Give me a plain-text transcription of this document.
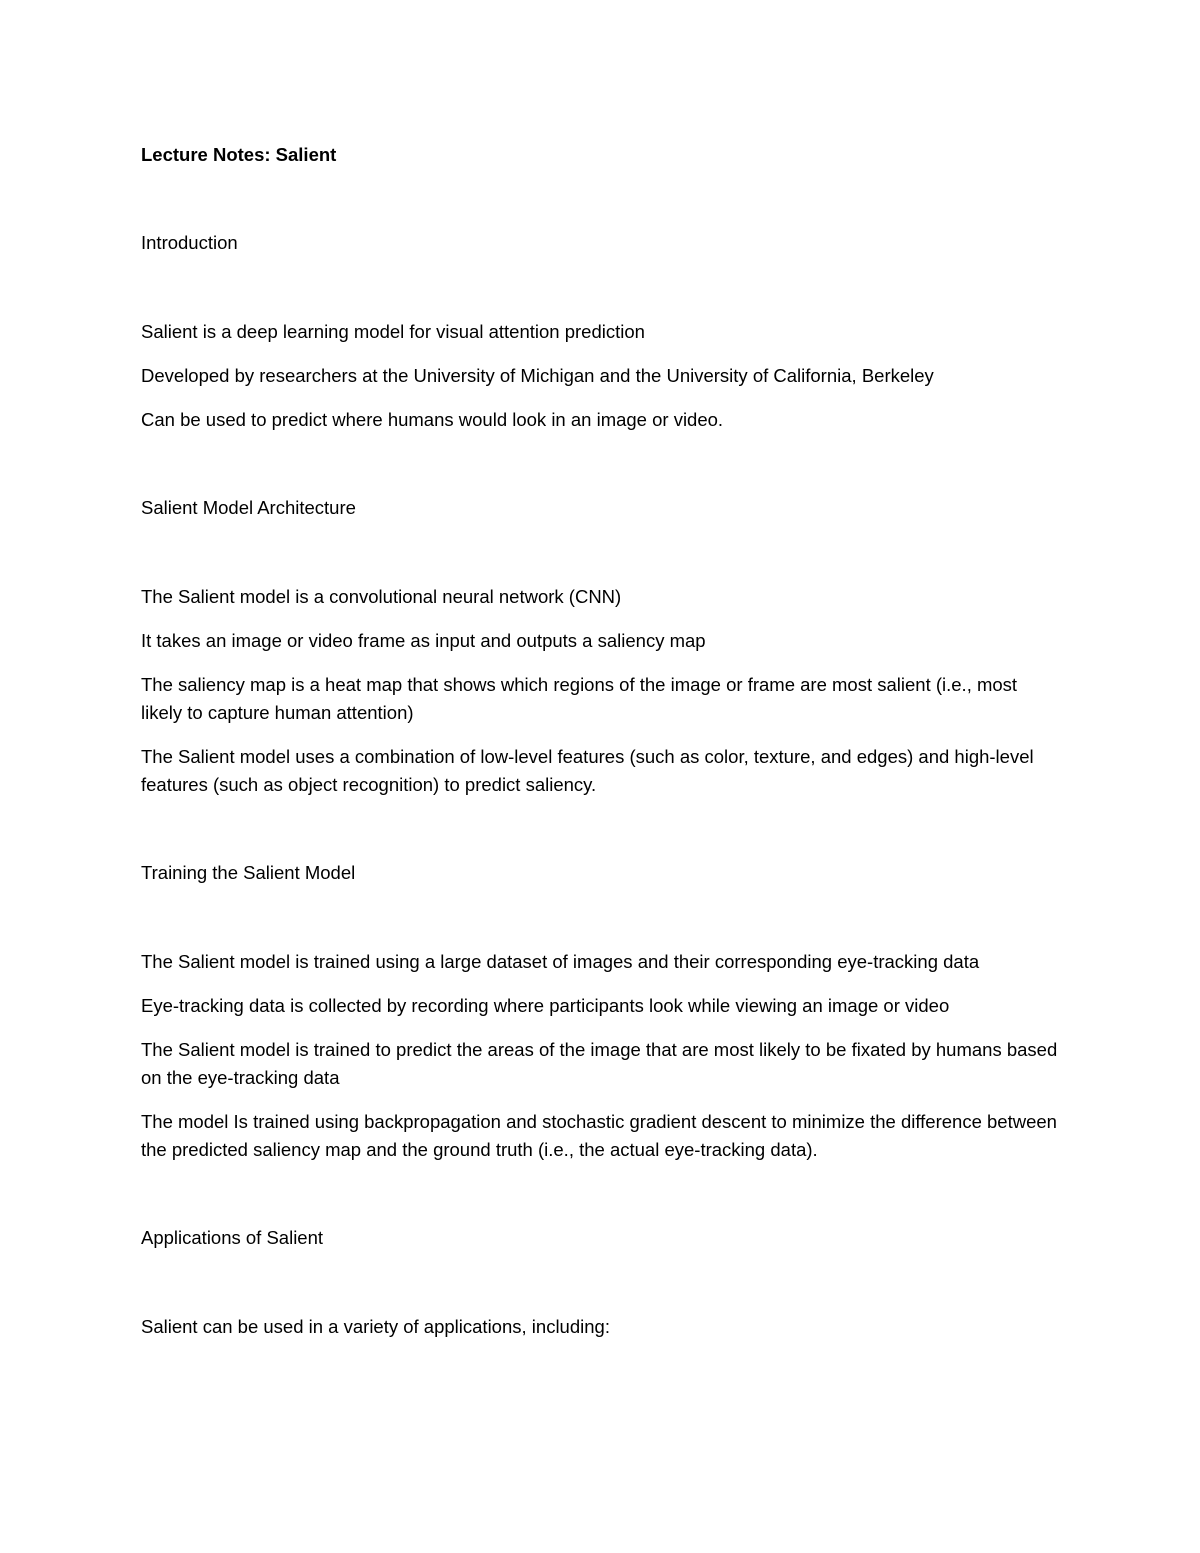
Lecture Notes: Salient

Introduction

Salient is a deep learning model for visual attention prediction

Developed by researchers at the University of Michigan and the University of California, Berkeley

Can be used to predict where humans would look in an image or video.

Salient Model Architecture

The Salient model is a convolutional neural network (CNN)

It takes an image or video frame as input and outputs a saliency map

The saliency map is a heat map that shows which regions of the image or frame are most salient (i.e., most likely to capture human attention)

The Salient model uses a combination of low-level features (such as color, texture, and edges) and high-level features (such as object recognition) to predict saliency.

Training the Salient Model

The Salient model is trained using a large dataset of images and their corresponding eye-tracking data

Eye-tracking data is collected by recording where participants look while viewing an image or video

The Salient model is trained to predict the areas of the image that are most likely to be fixated by humans based on the eye-tracking data

The model Is trained using backpropagation and stochastic gradient descent to minimize the difference between the predicted saliency map and the ground truth (i.e., the actual eye-tracking data).

Applications of Salient

Salient can be used in a variety of applications, including:
